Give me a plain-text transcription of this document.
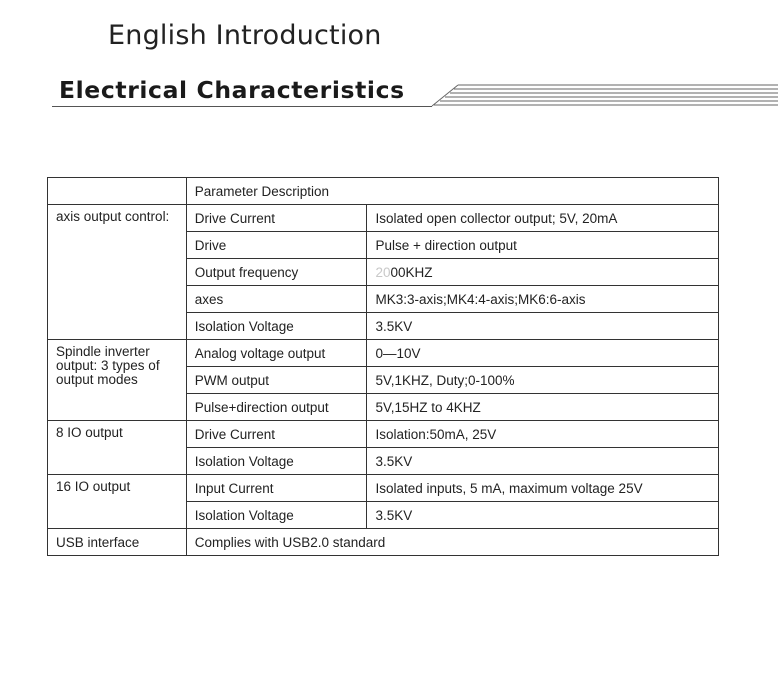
English Introduction
Electrical Characteristics
	Parameter Description	
axis output control:	Drive Current	Isolated open collector output; 5V, 20mA
	Drive	Pulse + direction output
	Output frequency	2000KHZ
	axes	MK3:3-axis;MK4:4-axis;MK6:6-axis
	Isolation Voltage	3.5KV
Spindle inverter output: 3 types of output modes	Analog voltage output	0—10V
	PWM output	5V,1KHZ, Duty;0-100%
	Pulse+direction output	5V,15HZ to 4KHZ
8 IO output	Drive Current	Isolation:50mA, 25V
	Isolation Voltage	3.5KV
16 IO output	Input Current	Isolated inputs, 5 mA, maximum voltage 25V
	Isolation Voltage	3.5KV
USB interface	Complies with USB2.0 standard	
